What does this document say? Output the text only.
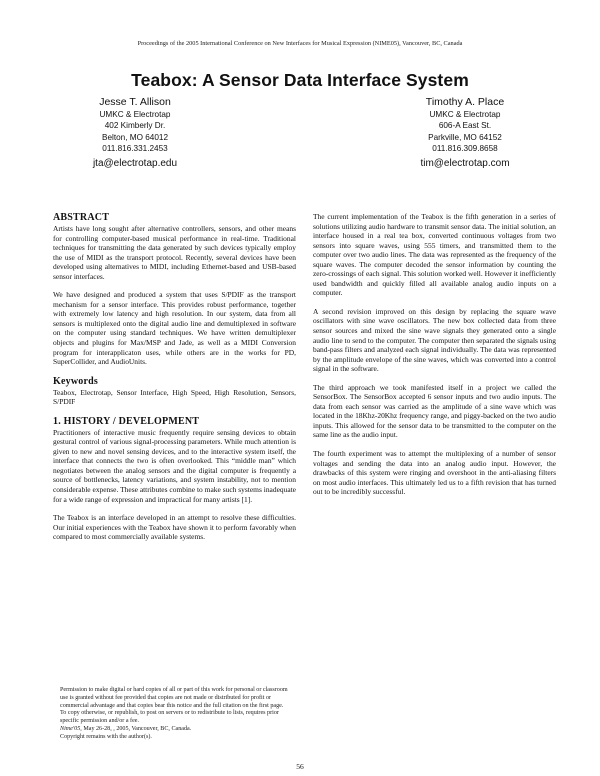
Proceedings of the 2005 International Conference on New Interfaces for Musical Expression (NIME05), Vancouver, BC, Canada
Teabox: A Sensor Data Interface System
Jesse T. Allison
UMKC & Electrotap
402 Kimberly Dr.
Belton, MO 64012
011.816.331.2453
jta@electrotap.edu
Timothy A. Place
UMKC & Electrotap
606-A East St.
Parkville, MO 64152
011.816.309.8658
tim@electrotap.com
ABSTRACT

Artists have long sought after alternative controllers, sensors, and other means for controlling computer-based musical performance in real-time. Traditional techniques for transmitting the data generated by such devices typically employ the use of MIDI as the transport protocol. Recently, several devices have been developed using alternatives to MIDI, including Ethernet-based and USB-based sensor interfaces.

We have designed and produced a system that uses S/PDIF as the transport mechanism for a sensor interface. This provides robust performance, together with extremely low latency and high resolution. In our system, data from all sensors is multiplexed onto the digital audio line and demultiplexed in software on the computer using standard techniques. We have written demultiplexer objects and plugins for Max/MSP and Jade, as well as a MIDI Conversion program for interapplicaton uses, while others are in the works for PD, SuperCollider, and AudioUnits.

Keywords

Teabox, Electrotap, Sensor Interface, High Speed, High Resolution, Sensors, S/PDIF

1. HISTORY / DEVELOPMENT

Practitioners of interactive music frequently require sensing devices to obtain gestural control of various signal-processing parameters. While much attention is given to new and novel sensing devices, and to the interactive system itself, the interface that connects the two is often overlooked. This “middle man” which negotiates between the analog sensors and the digital computer is frequently a source of bottlenecks, latency variations, and system instability, not to mention considerable expense. These attributes combine to make such systems inadequate for a wide range of expression and impractical for many artists [1].

The Teabox is an interface developed in an attempt to resolve these difficulties. Our initial experiences with the Teabox have shown it to perform favorably when compared to most commercially available systems.

The current implementation of the Teabox is the fifth generation in a series of solutions utilizing audio hardware to transmit sensor data. The initial solution, an interface housed in a real tea box, converted continuous voltages from two sensors into square waves, using 555 timers, and transmitted them to the computer over two audio lines. The data was represented as the frequency of the square waves. The computer decoded the sensor information by counting the zero-crossings of each signal. This solution worked well. However it inefficiently used bandwidth and quickly filled all available analog audio inputs on a computer.

A second revision improved on this design by replacing the square wave oscillators with sine wave oscillators. The new box collected data from three sensor sources and mixed the sine wave signals they generated onto a single audio line to send to the computer. The computer then separated the signals using band-pass filters and analyzed each signal individually. The data was represented by the amplitude envelope of the sine waves, which was converted into a control signal in the software.

The third approach we took manifested itself in a project we called the SensorBox. The SensorBox accepted 6 sensor inputs and two audio inputs. The data from each sensor was carried as the amplitude of a sine wave which was located in the 18Khz-20Khz frequency range, and piggy-backed on the two audio inputs. This allowed for the sensor data to be transmitted to the computer on the same line as the audio input.

The fourth experiment was to attempt the multiplexing of a number of sensor voltages and sending the data into an analog audio input. However, the drawbacks of this system were ringing and overshoot in the anti-aliasing filters on most audio interfaces. This ultimately led us to a fifth revision that has turned out to be incredibly successful.

Permission to make digital or hard copies of all or part of this work for personal or classroom use is granted without fee provided that copies are not made or distributed for profit or commercial advantage and that copies bear this notice and the full citation on the first page. To copy otherwise, or republish, to post on servers or to redistribute to lists, requires prior specific permission and/or a fee.
Nime'05, May 26-28, , 2005, Vancouver, BC, Canada.
Copyright remains with the author(s).
56
